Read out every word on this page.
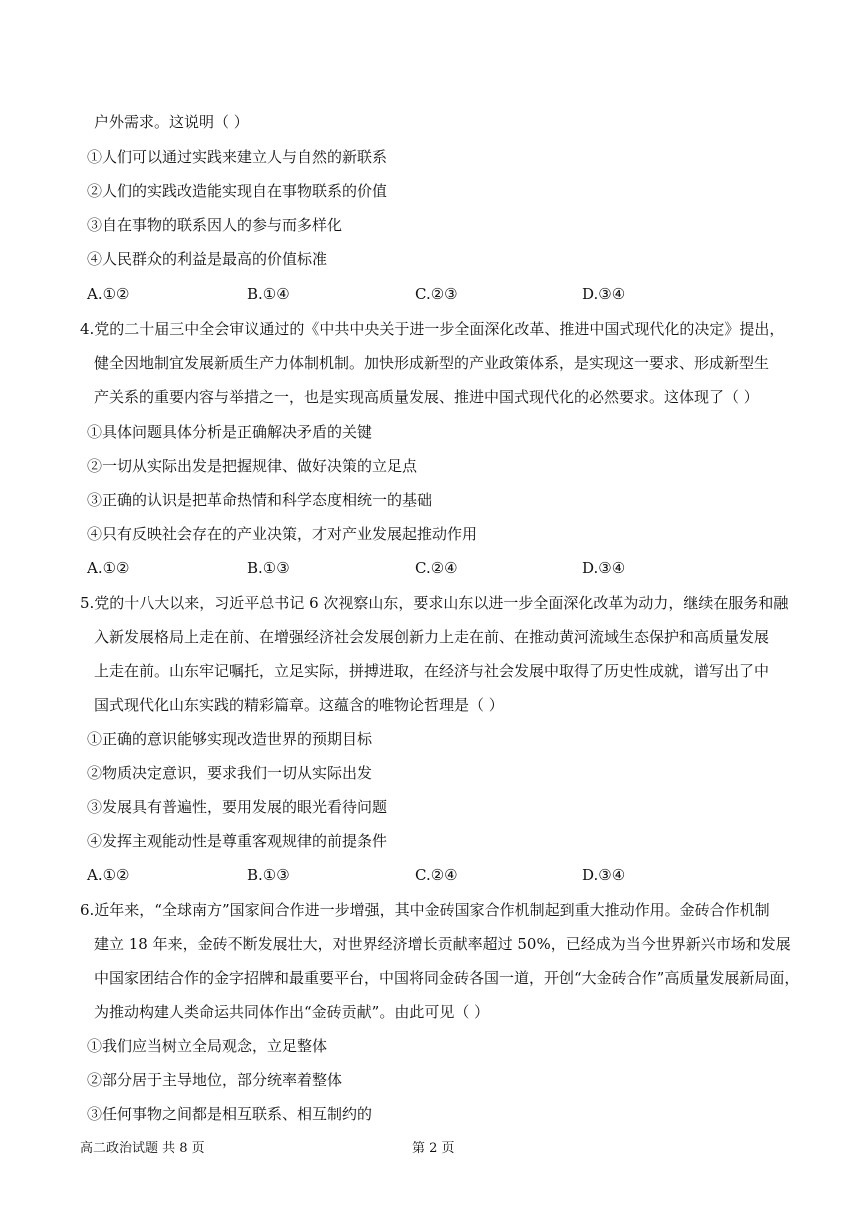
户外需求。这说明（ ）
①人们可以通过实践来建立人与自然的新联系
②人们的实践改造能实现自在事物联系的价值
③自在事物的联系因人的参与而多样化
④人民群众的利益是最高的价值标准
A.①②	B.①④	C.②③	D.③④
4.党的二十届三中全会审议通过的《中共中央关于进一步全面深化改革、推进中国式现代化的决定》提出，
健全因地制宜发展新质生产力体制机制。加快形成新型的产业政策体系，是实现这一要求、形成新型生
产关系的重要内容与举措之一，也是实现高质量发展、推进中国式现代化的必然要求。这体现了（ ）
①具体问题具体分析是正确解决矛盾的关键
②一切从实际出发是把握规律、做好决策的立足点
③正确的认识是把革命热情和科学态度相统一的基础
④只有反映社会存在的产业决策，才对产业发展起推动作用
A.①②	B.①③	C.②④	D.③④
5.党的十八大以来，习近平总书记 6 次视察山东，要求山东以进一步全面深化改革为动力，继续在服务和融
入新发展格局上走在前、在增强经济社会发展创新力上走在前、在推动黄河流域生态保护和高质量发展
上走在前。山东牢记嘱托，立足实际，拼搏进取，在经济与社会发展中取得了历史性成就，谱写出了中
国式现代化山东实践的精彩篇章。这蕴含的唯物论哲理是（ ）
①正确的意识能够实现改造世界的预期目标
②物质决定意识，要求我们一切从实际出发
③发展具有普遍性，要用发展的眼光看待问题
④发挥主观能动性是尊重客观规律的前提条件
A.①②	B.①③	C.②④	D.③④
6.近年来，“全球南方”国家间合作进一步增强，其中金砖国家合作机制起到重大推动作用。金砖合作机制
建立 18 年来，金砖不断发展壮大，对世界经济增长贡献率超过 50%，已经成为当今世界新兴市场和发展
中国家团结合作的金字招牌和最重要平台，中国将同金砖各国一道，开创“大金砖合作”高质量发展新局面，
为推动构建人类命运共同体作出“金砖贡献”。由此可见（ ）
①我们应当树立全局观念，立足整体
②部分居于主导地位，部分统率着整体
③任何事物之间都是相互联系、相互制约的
高二政治试题 共 8 页	第 2 页
